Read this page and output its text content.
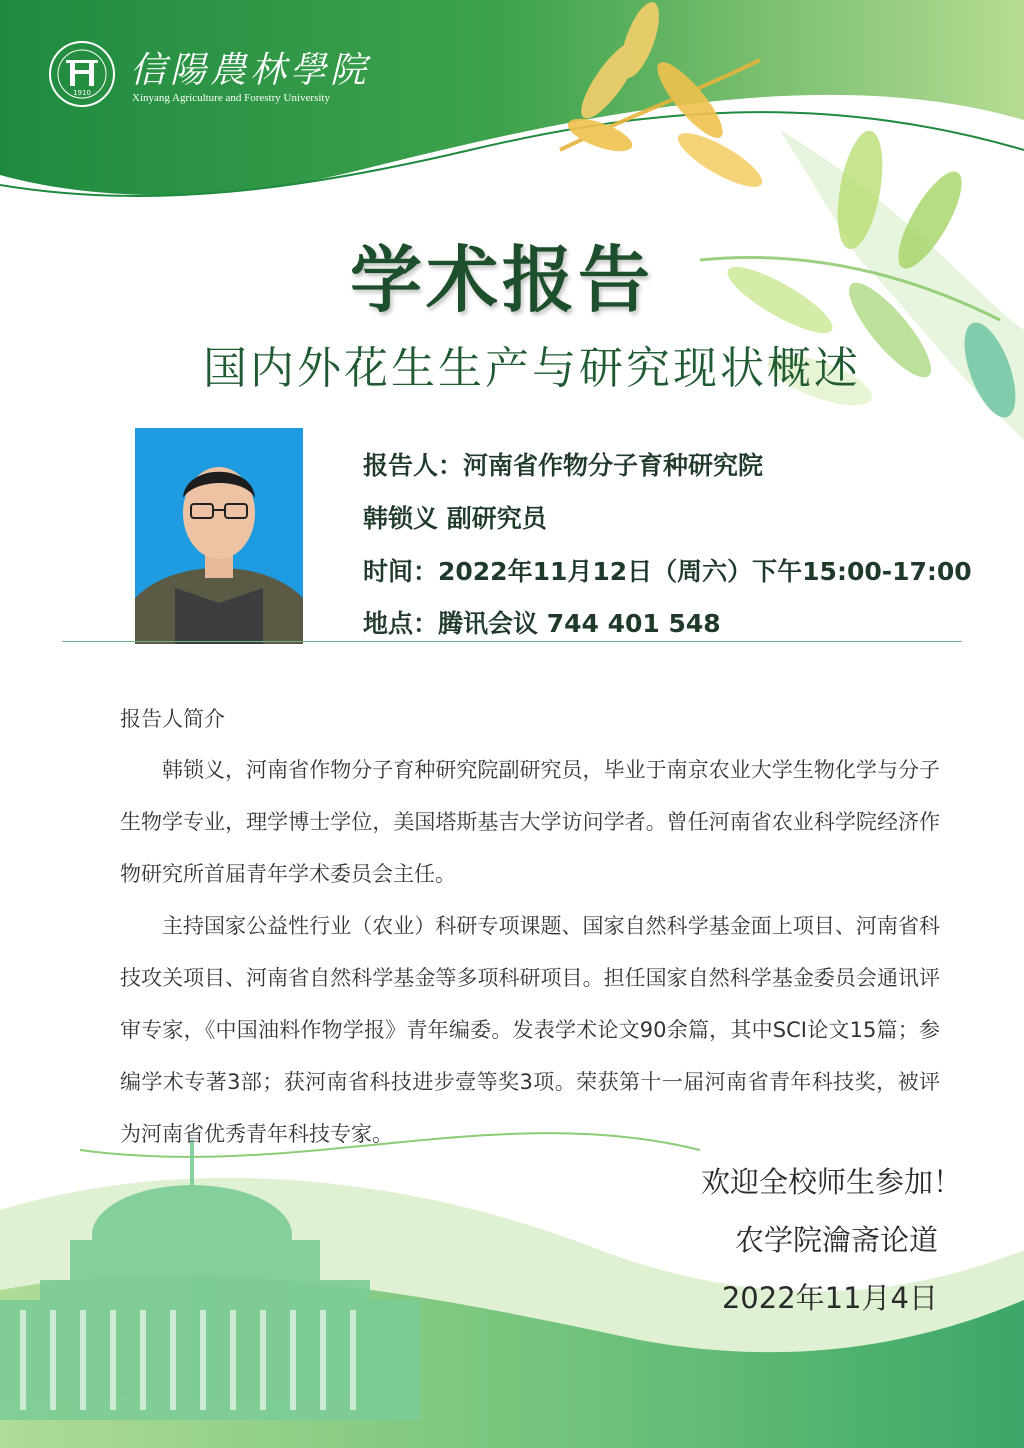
1910
信陽農林學院
Xinyang Agriculture and Forestry University
学术报告
国内外花生生产与研究现状概述
报告人：河南省作物分子育种研究院
韩锁义 副研究员
时间：2022年11月12日（周六）下午15:00-17:00
地点：腾讯会议 744 401 548
报告人简介

韩锁义，河南省作物分子育种研究院副研究员，毕业于南京农业大学生物化学与分子生物学专业，理学博士学位，美国塔斯基吉大学访问学者。曾任河南省农业科学院经济作物研究所首届青年学术委员会主任。

主持国家公益性行业（农业）科研专项课题、国家自然科学基金面上项目、河南省科技攻关项目、河南省自然科学基金等多项科研项目。担任国家自然科学基金委员会通讯评审专家，《中国油料作物学报》青年编委。发表学术论文90余篇，其中SCI论文15篇；参编学术专著3部；获河南省科技进步壹等奖3项。荣获第十一届河南省青年科技奖，被评为河南省优秀青年科技专家。

欢迎全校师生参加！
农学院瀹斋论道
2022年11月4日
